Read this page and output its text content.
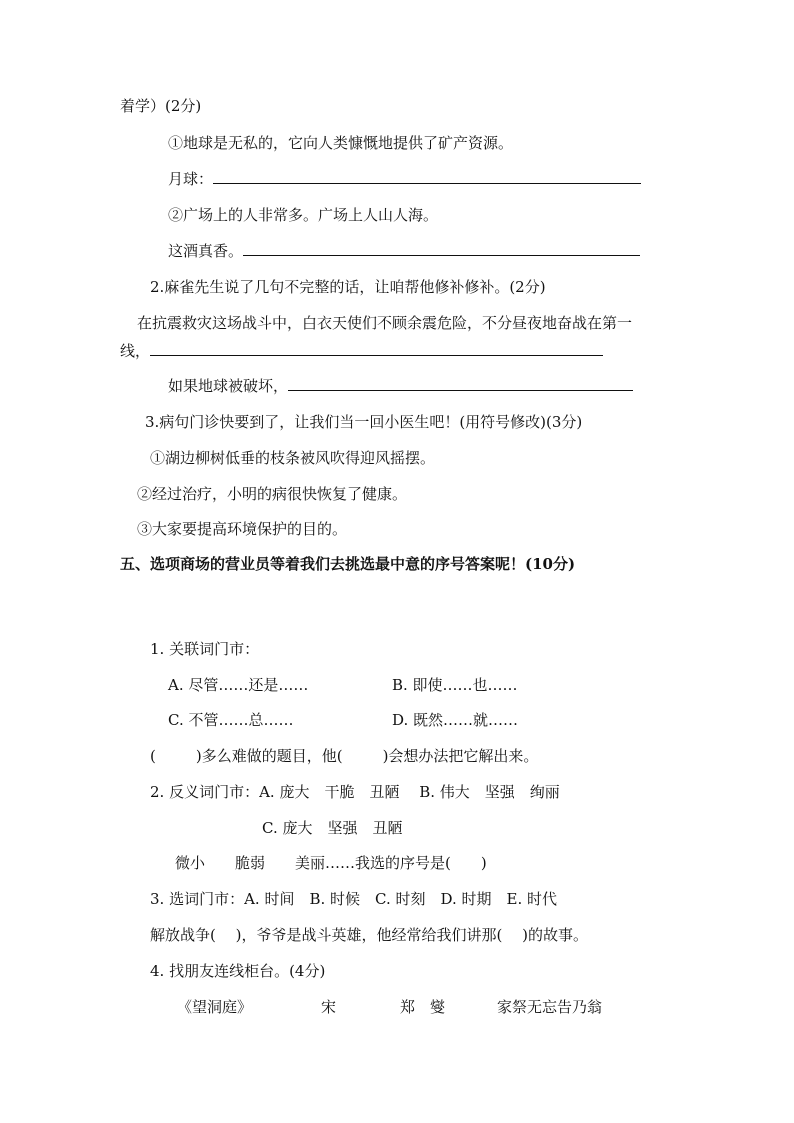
着学）(2分)
①地球是无私的，它向人类慷慨地提供了矿产资源。
月球：
②广场上的人非常多。广场上人山人海。
这酒真香。
2.麻雀先生说了几句不完整的话，让咱帮他修补修补。(2分)
在抗震救灾这场战斗中，白衣天使们不顾余震危险，不分昼夜地奋战在第一
线，
如果地球被破坏，
3.病句门诊快要到了，让我们当一回小医生吧！(用符号修改)(3分)
①湖边柳树低垂的枝条被风吹得迎风摇摆。
②经过治疗，小明的病很快恢复了健康。
③大家要提高环境保护的目的。
五、选项商场的营业员等着我们去挑选最中意的序号答案呢！(10分)
1. 关联词门市：
A. 尽管……还是……	B. 即使……也……
C. 不管……总……	D. 既然……就……
(	)多么难做的题目，他(	)会想办法把它解出来。
2. 反义词门市：A. 庞大　干脆　丑陋　 B. 伟大　坚强　绚丽
C. 庞大　坚强　丑陋
微小　　脆弱　　美丽……我选的序号是(　　)
3. 选词门市：A. 时间　B. 时候　C. 时刻　D. 时期　E. 时代
解放战争(　 )，爷爷是战斗英雄，他经常给我们讲那(　 )的故事。
4. 找朋友连线柜台。(4分)
《望洞庭》	宋	郑　燮	家祭无忘告乃翁
